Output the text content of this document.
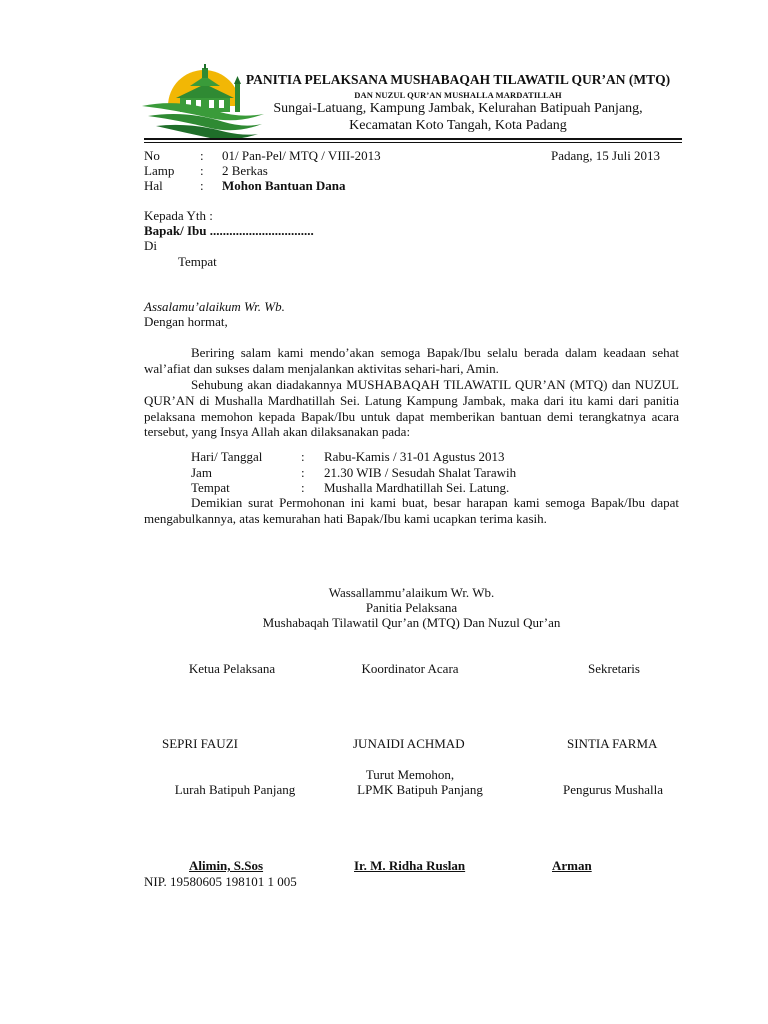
PANITIA PELAKSANA MUSHABAQAH TILAWATIL QUR’AN (MTQ)
DAN NUZUL QUR’AN MUSHALLA MARDATILLAH
Sungai-Latuang, Kampung Jambak, Kelurahan Batipuah Panjang,
Kecamatan Koto Tangah, Kota Padang
No	: 01/ Pan-Pel/ MTQ / VIII-2013	Padang, 15 Juli 2013
Lamp : 2 Berkas
Hal	: Mohon Bantuan Dana
Kepada Yth :
Bapak/ Ibu ................................
Di
Tempat
Assalamu’alaikum Wr. Wb.
Dengan hormat,
Beriring salam kami mendo’akan semoga Bapak/Ibu selalu berada dalam keadaan sehat wal’afiat dan sukses dalam menjalankan aktivitas sehari-hari, Amin.
Sehubung akan diadakannya MUSHABAQAH TILAWATIL QUR’AN (MTQ) dan NUZUL QUR’AN di Mushalla Mardhatillah Sei. Latung Kampung Jambak, maka dari itu kami dari panitia pelaksana memohon kepada Bapak/Ibu untuk dapat memberikan bantuan demi terangkatnya acara tersebut, yang Insya Allah akan dilaksanakan pada:
Hari/ Tanggal	: Rabu-Kamis / 31-01 Agustus 2013
Jam	: 21.30 WIB / Sesudah Shalat Tarawih
Tempat	: Mushalla Mardhatillah Sei. Latung.
Demikian surat Permohonan ini kami buat, besar harapan kami semoga Bapak/Ibu dapat mengabulkannya, atas kemurahan hati Bapak/Ibu kami ucapkan terima kasih.
Wassallammu’alaikum Wr. Wb.
Panitia Pelaksana
Mushabaqah Tilawatil Qur’an (MTQ) Dan Nuzul Qur’an
Ketua Pelaksana	Koordinator Acara	Sekretaris
SEPRI FAUZI	JUNAIDI ACHMAD	SINTIA FARMA
Turut Memohon,
Lurah Batipuh Panjang	LPMK Batipuh Panjang	Pengurus Mushalla
Alimin, S.Sos	Ir. M. Ridha Ruslan	Arman
NIP. 19580605 198101 1 005
